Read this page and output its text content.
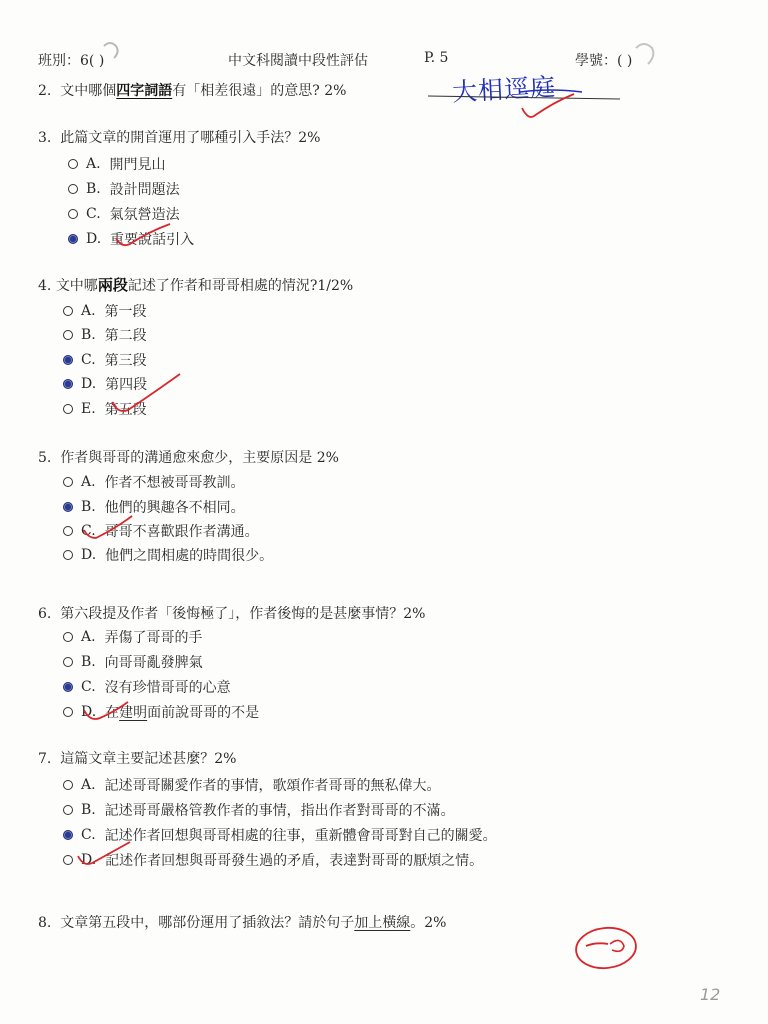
班別：6( )	中文科閱讀中段性評估	P. 5	學號：( )
2. 文中哪個四字詞語有「相差很遠」的意思? 2%	大相逕庭
3. 此篇文章的開首運用了哪種引入手法？2%
A.
開門見山
B.
設計問題法
C.
氣氛營造法
D.
重要說話引入
4. 文中哪兩段記述了作者和哥哥相處的情況?1/2%
A.
第一段
B.
第二段
C.
第三段
D.
第四段
E.
第五段
5. 作者與哥哥的溝通愈來愈少，主要原因是 2%
A.
作者不想被哥哥教訓。
B.
他們的興趣各不相同。
C.
哥哥不喜歡跟作者溝通。
D.
他們之間相處的時間很少。
6. 第六段提及作者「後悔極了」，作者後悔的是甚麼事情？2%
A.
弄傷了哥哥的手
B.
向哥哥亂發脾氣
C.
沒有珍惜哥哥的心意
D.
在 建明 面前說哥哥的不是
7. 這篇文章主要記述甚麼？2%
A.
記述哥哥關愛作者的事情，歌頌作者哥哥的無私偉大。
B.
記述哥哥嚴格管教作者的事情，指出作者對哥哥的不滿。
C.
記述作者回想與哥哥相處的往事，重新體會哥哥對自己的關愛。
D.
記述作者回想與哥哥發生過的矛盾，表達對哥哥的厭煩之情。
8. 文章第五段中，哪部份運用了插敘法？請於句子加上橫線。2%
12
